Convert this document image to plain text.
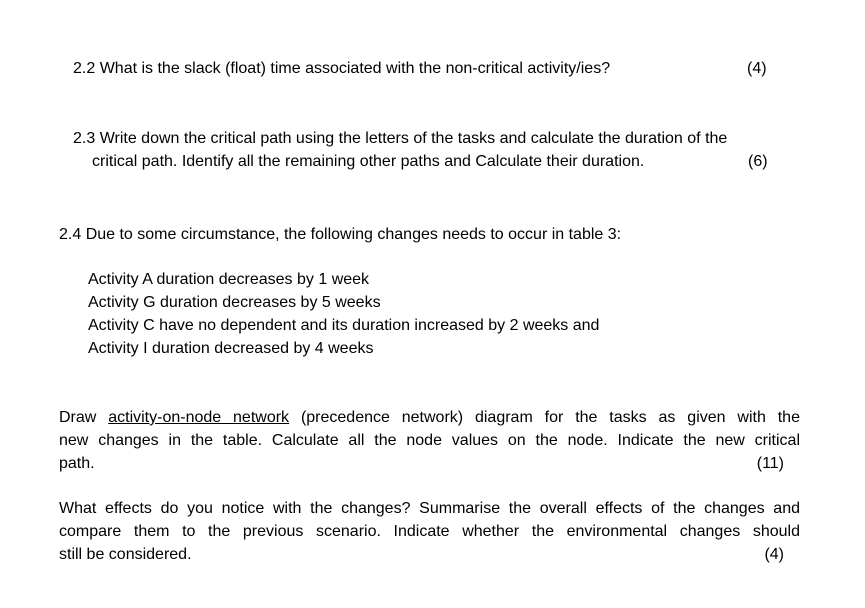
2.2 What is the slack (float) time associated with the non-critical activity/ies?	(4)
2.3 Write down the critical path using the letters of the tasks and calculate the duration of the
critical path. Identify all the remaining other paths and Calculate their duration.	(6)
2.4 Due to some circumstance, the following changes needs to occur in table 3:
Activity A duration decreases by 1 week
Activity G duration decreases by 5 weeks
Activity C have no dependent and its duration increased by 2 weeks and
Activity I duration decreased by 4 weeks
Draw activity-on-node network (precedence network) diagram for the tasks as given with the
new changes in the table. Calculate all the node values on the node. Indicate the new critical
path.	(11)
What effects do you notice with the changes? Summarise the overall effects of the changes and
compare them to the previous scenario. Indicate whether the environmental changes should
still be considered.	(4)
